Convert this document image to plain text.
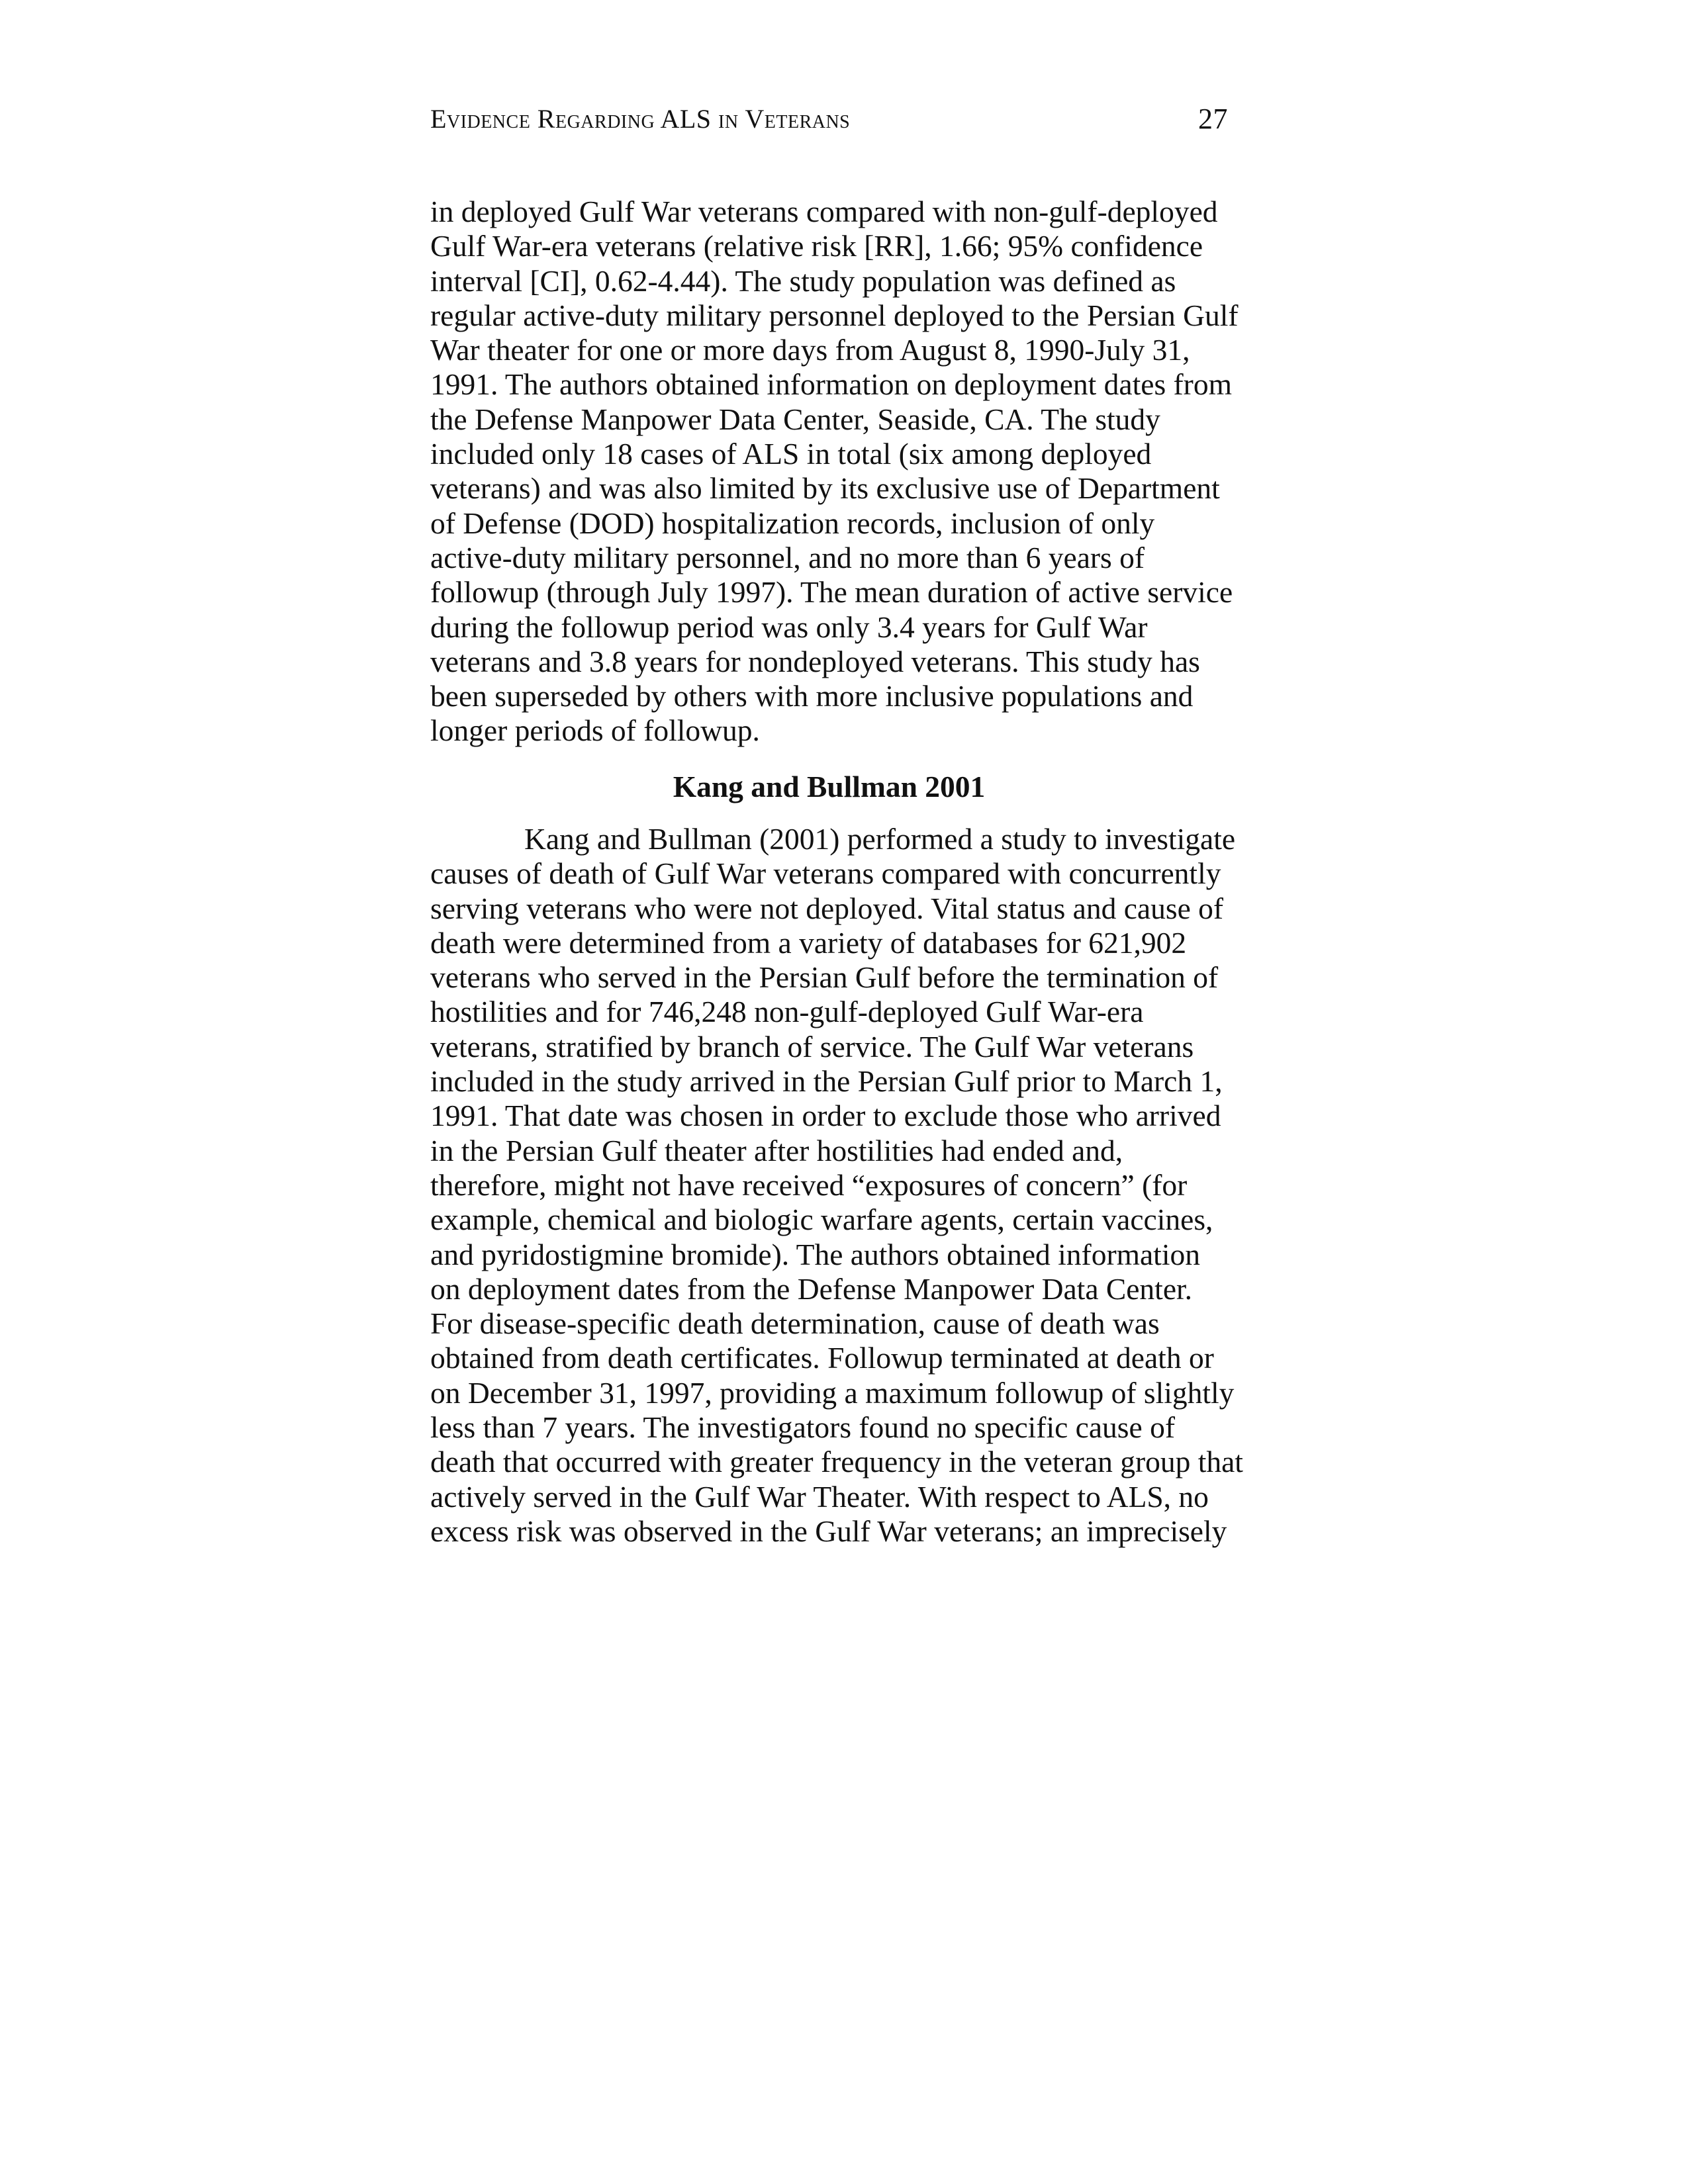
Evidence Regarding ALS in Veterans	27
in deployed Gulf War veterans compared with non-gulf-deployed
Gulf War-era veterans (relative risk [RR], 1.66; 95% confidence
interval [CI], 0.62-4.44). The study population was defined as
regular active-duty military personnel deployed to the Persian Gulf
War theater for one or more days from August 8, 1990-July 31,
1991. The authors obtained information on deployment dates from
the Defense Manpower Data Center, Seaside, CA. The study
included only 18 cases of ALS in total (six among deployed
veterans) and was also limited by its exclusive use of Department
of Defense (DOD) hospitalization records, inclusion of only
active-duty military personnel, and no more than 6 years of
followup (through July 1997). The mean duration of active service
during the followup period was only 3.4 years for Gulf War
veterans and 3.8 years for nondeployed veterans. This study has
been superseded by others with more inclusive populations and
longer periods of followup.
Kang and Bullman 2001
Kang and Bullman (2001) performed a study to investigate
causes of death of Gulf War veterans compared with concurrently
serving veterans who were not deployed. Vital status and cause of
death were determined from a variety of databases for 621,902
veterans who served in the Persian Gulf before the termination of
hostilities and for 746,248 non-gulf-deployed Gulf War-era
veterans, stratified by branch of service. The Gulf War veterans
included in the study arrived in the Persian Gulf prior to March 1,
1991. That date was chosen in order to exclude those who arrived
in the Persian Gulf theater after hostilities had ended and,
therefore, might not have received “exposures of concern” (for
example, chemical and biologic warfare agents, certain vaccines,
and pyridostigmine bromide). The authors obtained information
on deployment dates from the Defense Manpower Data Center.
For disease-specific death determination, cause of death was
obtained from death certificates. Followup terminated at death or
on December 31, 1997, providing a maximum followup of slightly
less than 7 years. The investigators found no specific cause of
death that occurred with greater frequency in the veteran group that
actively served in the Gulf War Theater. With respect to ALS, no
excess risk was observed in the Gulf War veterans; an imprecisely
